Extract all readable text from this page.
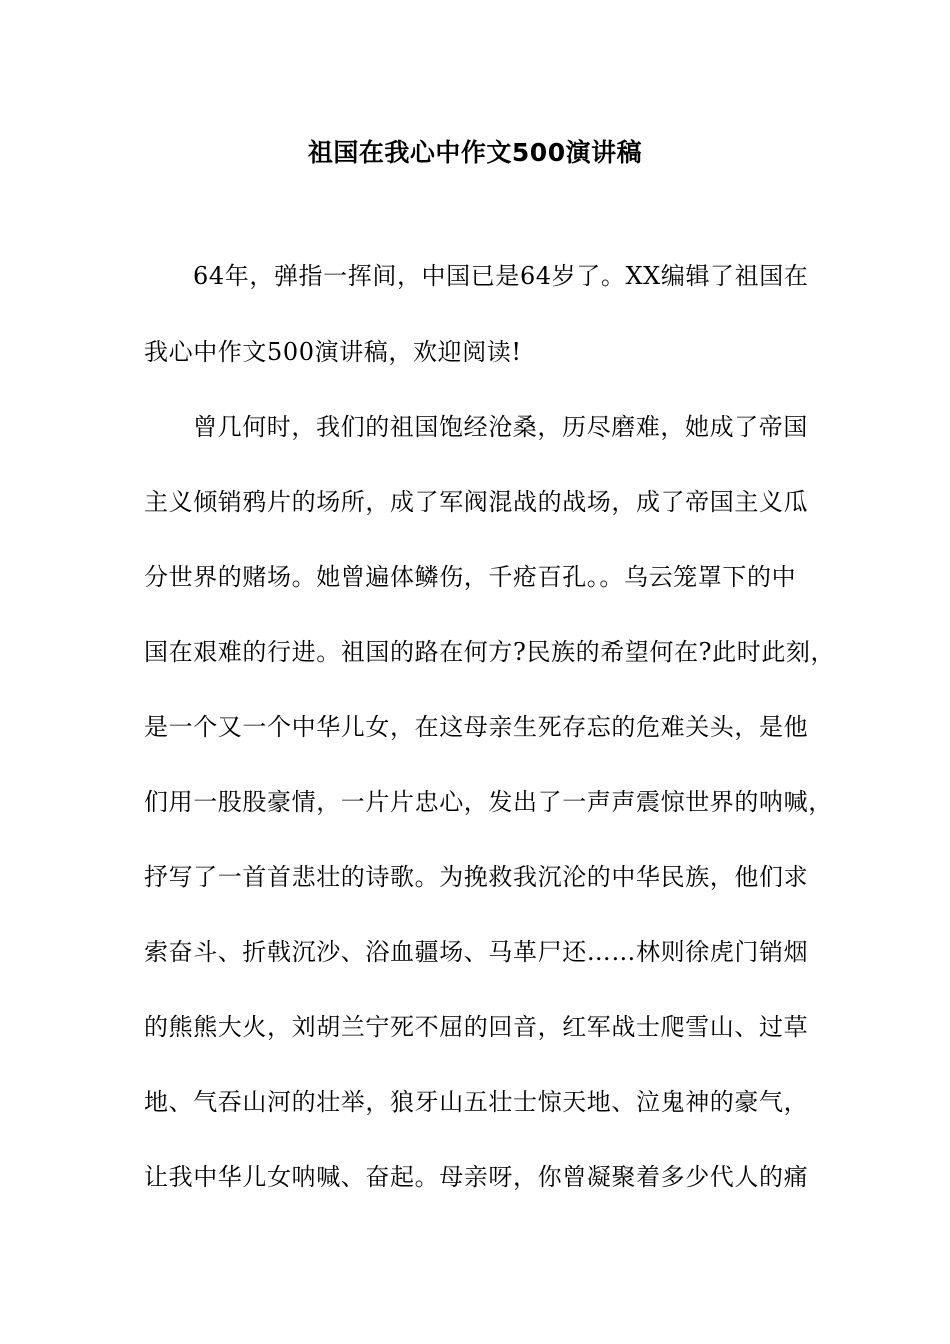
祖国在我心中作文500演讲稿
64年，弹指一挥间，中国已是64岁了。XX编辑了祖国在
我心中作文500演讲稿，欢迎阅读!
曾几何时，我们的祖国饱经沧桑，历尽磨难，她成了帝国
主义倾销鸦片的场所，成了军阀混战的战场，成了帝国主义瓜
分世界的赌场。她曾遍体鳞伤，千疮百孔。。乌云笼罩下的中
国在艰难的行进。祖国的路在何方?民族的希望何在?此时此刻，
是一个又一个中华儿女，在这母亲生死存忘的危难关头，是他
们用一股股豪情，一片片忠心，发出了一声声震惊世界的呐喊，
抒写了一首首悲壮的诗歌。为挽救我沉沦的中华民族，他们求
索奋斗、折戟沉沙、浴血疆场、马革尸还……林则徐虎门销烟
的熊熊大火，刘胡兰宁死不屈的回音，红军战士爬雪山、过草
地、气吞山河的壮举，狼牙山五壮士惊天地、泣鬼神的豪气，
让我中华儿女呐喊、奋起。母亲呀，你曾凝聚着多少代人的痛
